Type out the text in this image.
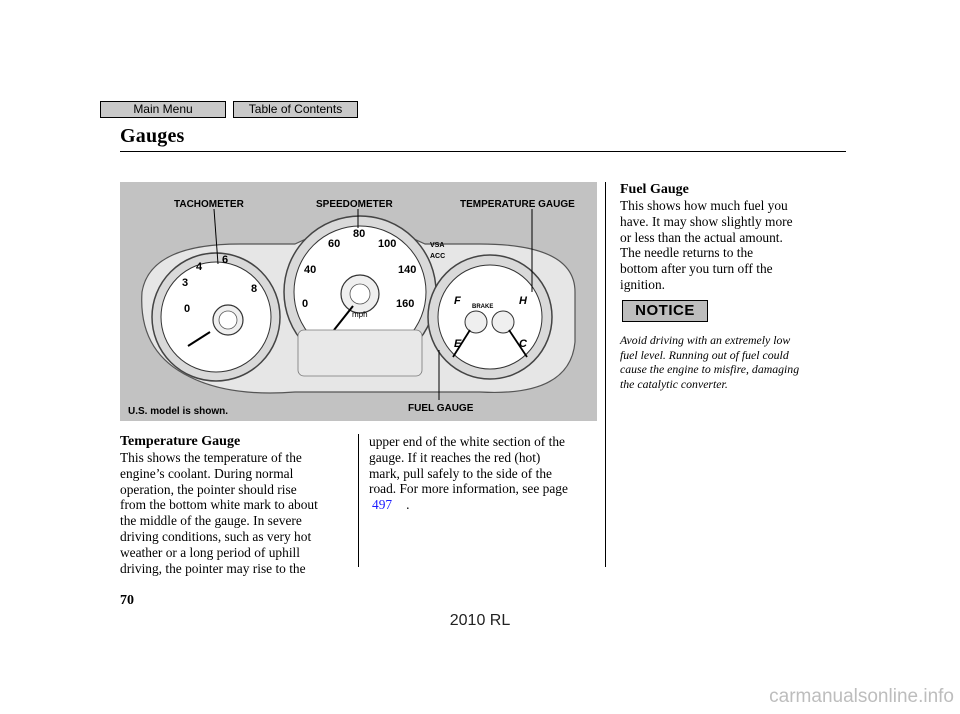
Main Menu	Table of Contents
Gauges
0
3
4
6
8
0
40
60
80
100
140
160
mph
F
E
H
C
BRAKE
VSA
ACC
TACHOMETER	SPEEDOMETER	TEMPERATURE GAUGE
FUEL GAUGE
U.S. model is shown.
Temperature Gauge

This shows the temperature of the
engine’s coolant. During normal
operation, the pointer should rise
from the bottom white mark to about
the middle of the gauge. In severe
driving conditions, such as very hot
weather or a long period of uphill
driving, the pointer may rise to the

upper end of the white section of the
gauge. If it reaches the red (hot)
mark, pull safely to the side of the
road. For more information, see page

497 .
Fuel Gauge

This shows how much fuel you
have. It may show slightly more
or less than the actual amount.
The needle returns to the
bottom after you turn off the
ignition.

NOTICE

Avoid driving with an extremely low
fuel level. Running out of fuel could
cause the engine to misfire, damaging
the catalytic converter.

70

2010 RL
carmanualsonline.info
